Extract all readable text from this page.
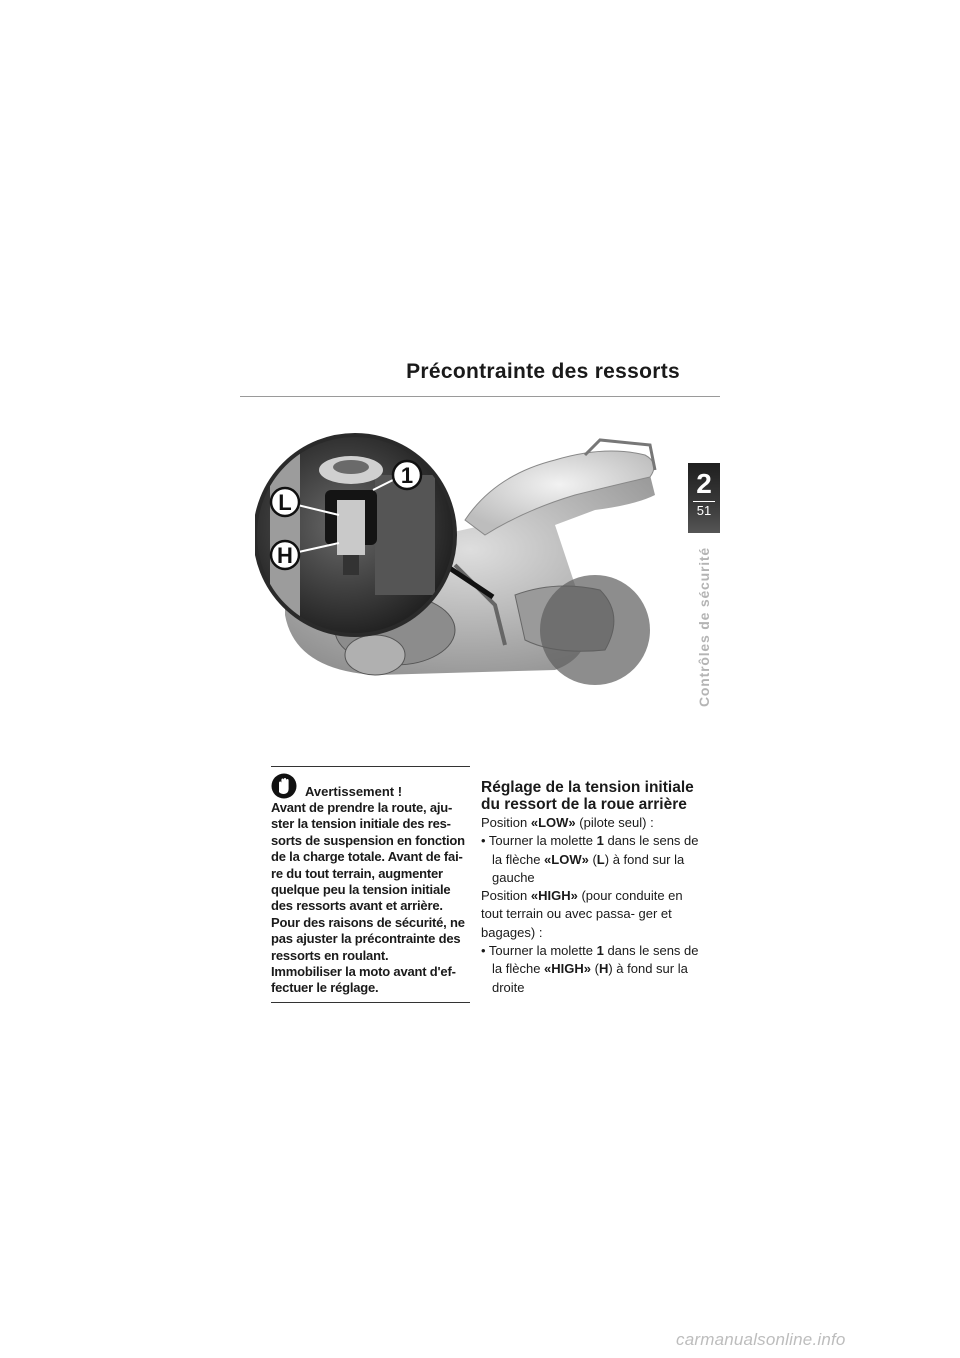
Précontrainte des ressorts
1
L
H
2
51
Contrôles de sécurité
Avertissement !

Avant de prendre la route, aju- ster la tension initiale des res- sorts de suspension en fonction de la charge totale. Avant de fai- re du tout terrain, augmenter quelque peu la tension initiale des ressorts avant et arrière.

Pour des raisons de sécurité, ne pas ajuster la précontrainte des ressorts en roulant.

Immobiliser la moto avant d'ef- fectuer le réglage.

Réglage de la tension initiale du ressort de la roue arrière

Position «LOW» (pilote seul) :

• Tourner la molette 1 dans le sens de la flèche «LOW» (L) à fond sur la gauche

Position «HIGH» (pour conduite en tout terrain ou avec passa- ger et bagages) :

• Tourner la molette 1 dans le sens de la flèche «HIGH» (H) à fond sur la droite

carmanualsonline.info
